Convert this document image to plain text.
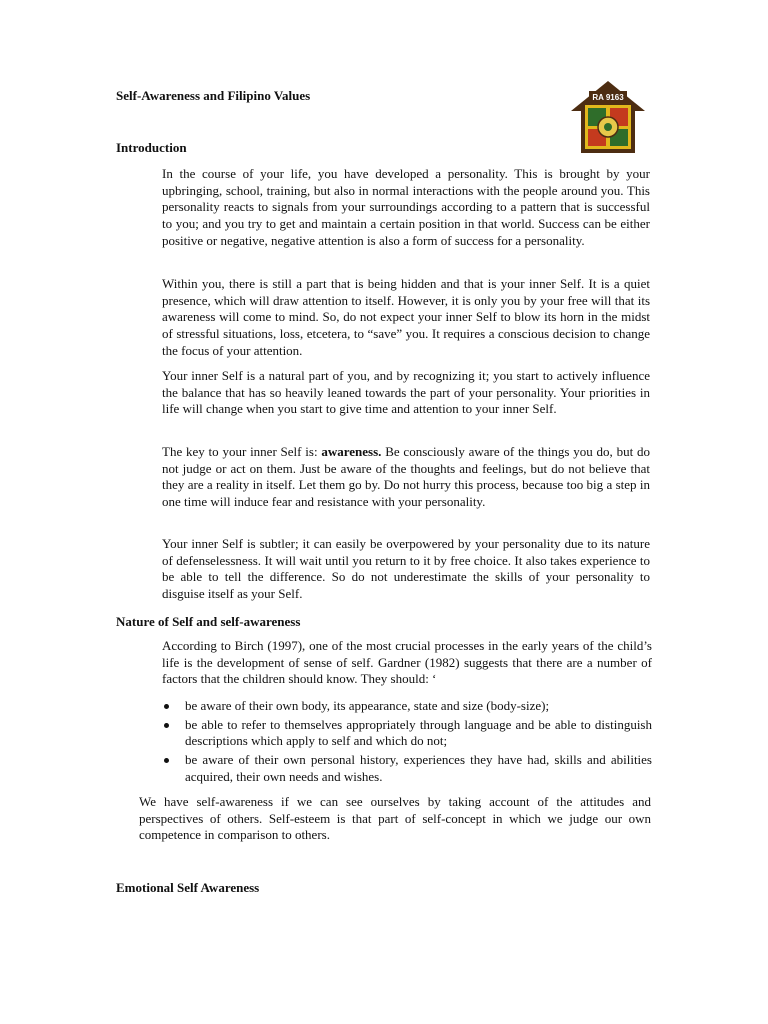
Self-Awareness and Filipino Values	RA 9163
Introduction

In the course of your life, you have developed a personality. This is brought by your upbringing, school, training, but also in normal interactions with the people around you. This personality reacts to signals from your surroundings according to a pattern that is successful to you; and you try to get and maintain a certain position in that world. Success can be either positive or negative, negative attention is also a form of success for a personality.

Within you, there is still a part that is being hidden and that is your inner Self. It is a quiet presence, which will draw attention to itself. However, it is only you by your free will that its awareness will come to mind. So, do not expect your inner Self to blow its horn in the midst of stressful situations, loss, etcetera, to “save” you. It requires a conscious decision to change the focus of your attention.

Your inner Self is a natural part of you, and by recognizing it; you start to actively influence the balance that has so heavily leaned towards the part of your personality. Your priorities in life will change when you start to give time and attention to your inner Self.

The key to your inner Self is: awareness. Be consciously aware of the things you do, but do not judge or act on them. Just be aware of the thoughts and feelings, but do not believe that they are a reality in itself. Let them go by. Do not hurry this process, because too big a step in one time will induce fear and resistance with your personality.

Your inner Self is subtler; it can easily be overpowered by your personality due to its nature of defenselessness. It will wait until you return to it by free choice. It also takes experience to be able to tell the difference. So do not underestimate the skills of your personality to disguise itself as your Self.

Nature of Self and self-awareness

According to Birch (1997), one of the most crucial processes in the early years of the child’s life is the development of sense of self. Gardner (1982) suggests that there are a number of factors that the children should know. They should: ‘

be aware of their own body, its appearance, state and size (body-size);
be able to refer to themselves appropriately through language and be able to distinguish descriptions which apply to self and which do not;
be aware of their own personal history, experiences they have had, skills and abilities acquired, their own needs and wishes.

We have self-awareness if we can see ourselves by taking account of the attitudes and perspectives of others. Self-esteem is that part of self-concept in which we judge our own competence in comparison to others.

Emotional Self Awareness
